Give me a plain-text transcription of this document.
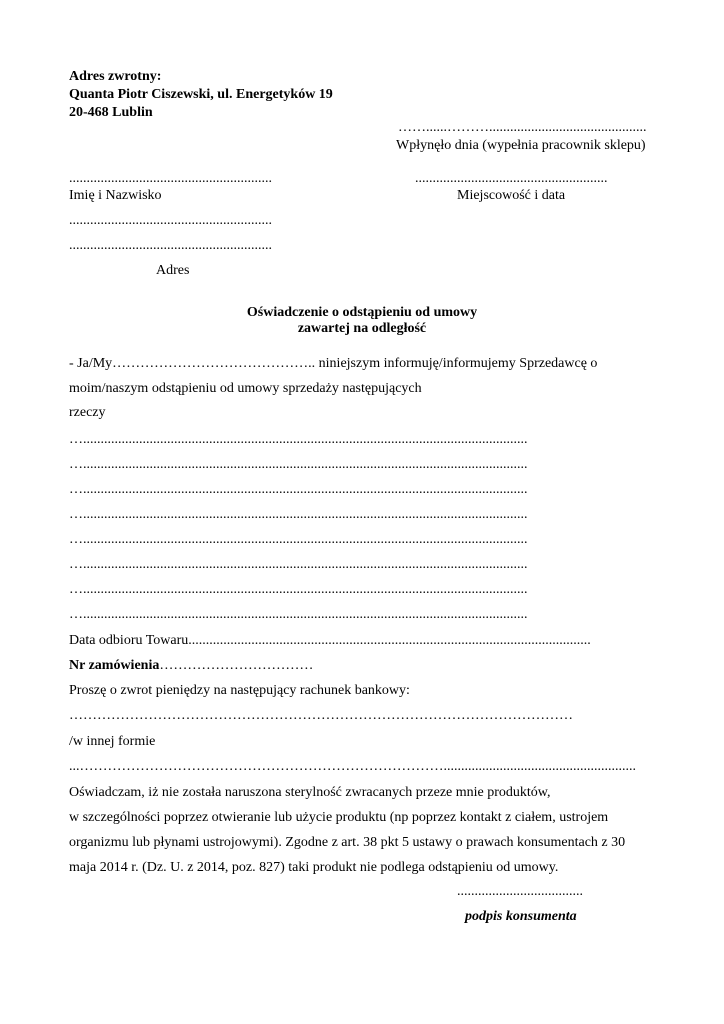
Adres zwrotny:
Quanta Piotr Ciszewski, ul. Energetyków 19
20-468 Lublin
……......……….............................................
Wpłynęło dnia (wypełnia pracownik sklepu)
..........................................................
Imię i Nazwisko
.......................................................
Miejscowość i data
..........................................................
..........................................................
Adres
Oświadczenie o odstąpieniu od umowy
zawartej na odległość
- Ja/My…………………………………….. niniejszym informuję/informujemy Sprzedawcę o
moim/naszym odstąpieniu od umowy sprzedaży następujących
rzeczy
…...............................................................................................................................
…...............................................................................................................................
…...............................................................................................................................
…...............................................................................................................................
…...............................................................................................................................
…...............................................................................................................................
…...............................................................................................................................
…...............................................................................................................................
Data odbioru Towaru...................................................................................................................
Nr zamówienia……………………………
Proszę o zwrot pieniędzy na następujący rachunek bankowy:
………………………………………………………………………………………………
/w innej formie
...…………………………………………………………………….......................................................
Oświadczam, iż nie została naruszona sterylność zwracanych przeze mnie produktów,
w szczególności poprzez otwieranie lub użycie produktu (np poprzez kontakt z ciałem, ustrojem
organizmu lub płynami ustrojowymi). Zgodne z art. 38 pkt 5 ustawy o prawach konsumentach z 30
maja 2014 r. (Dz. U. z 2014, poz. 827) taki produkt nie podlega odstąpieniu od umowy.
....................................
podpis konsumenta
